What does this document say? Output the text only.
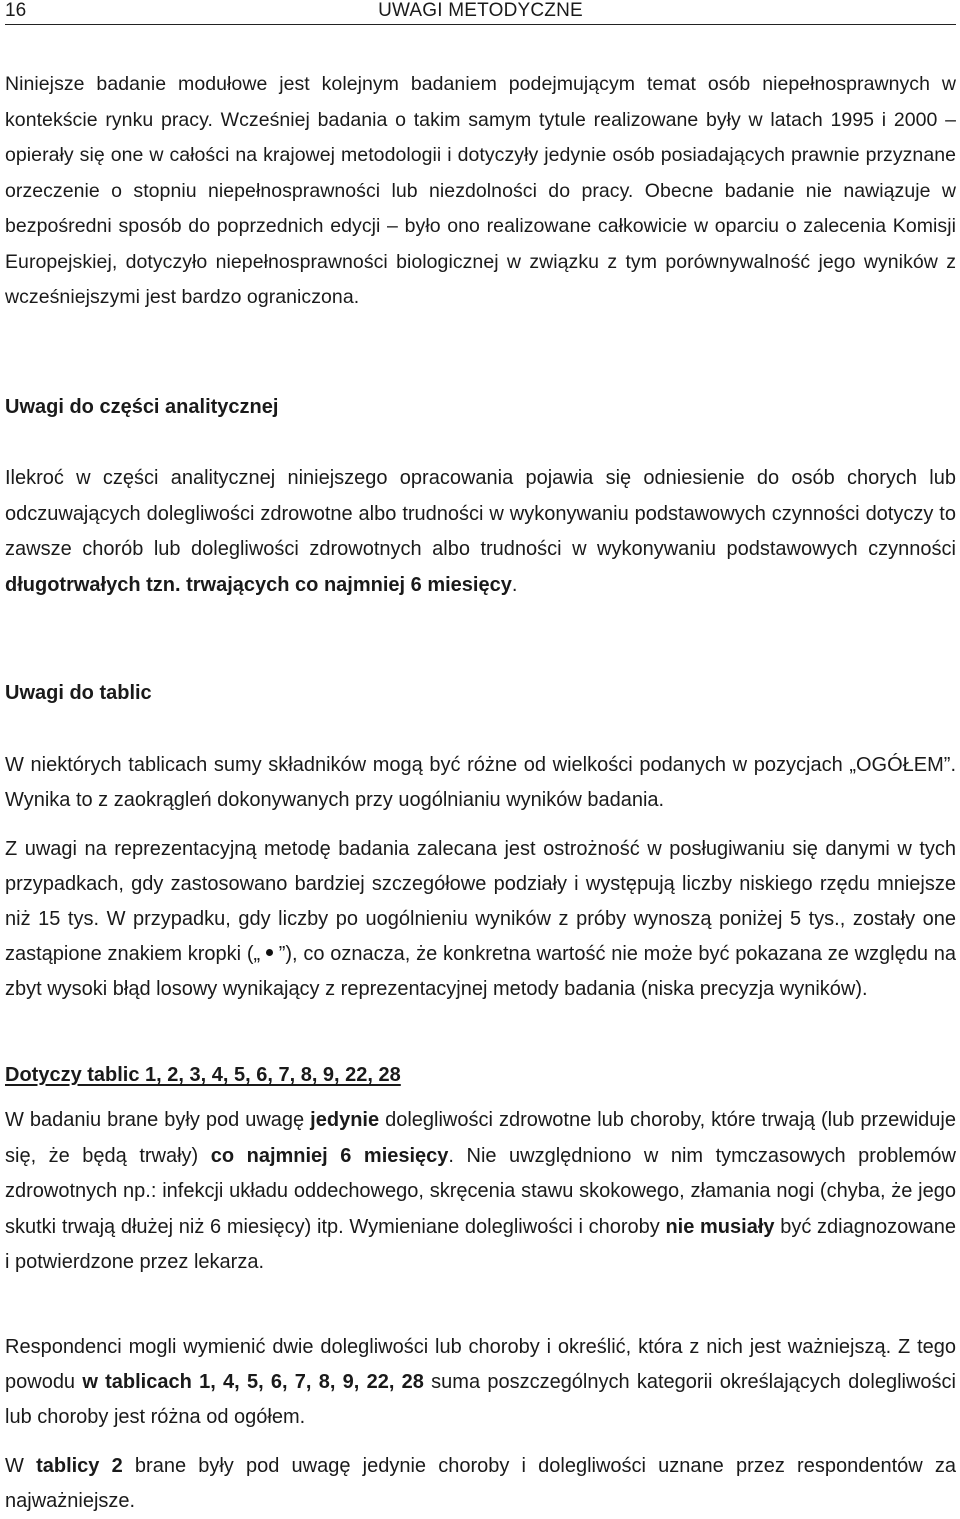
16	UWAGI METODYCZNE

Niniejsze badanie modułowe jest kolejnym badaniem podejmującym temat osób niepełnosprawnych w kontekście rynku pracy. Wcześniej badania o takim samym tytule realizowane były w latach 1995 i 2000 – opierały się one w całości na krajowej metodologii i dotyczyły jedynie osób posiadających prawnie przyznane orzeczenie o stopniu niepełnosprawności lub niezdolności do pracy. Obecne badanie nie nawiązuje w bezpośredni sposób do poprzednich edycji – było ono realizowane całkowicie w oparciu o zalecenia Komisji Europejskiej, dotyczyło niepełnosprawności biologicznej w związku z tym porównywalność jego wyników z wcześniejszymi jest bardzo ograniczona.

Uwagi do części analitycznej

Ilekroć w części analitycznej niniejszego opracowania pojawia się odniesienie do osób chorych lub odczuwających dolegliwości zdrowotne albo trudności w wykonywaniu podstawowych czynności dotyczy to zawsze chorób lub dolegliwości zdrowotnych albo trudności w wykonywaniu podstawowych czynności długotrwałych tzn. trwających co najmniej 6 miesięcy.

Uwagi do tablic

W niektórych tablicach sumy składników mogą być różne od wielkości podanych w pozycjach „OGÓŁEM”. Wynika to z zaokrągleń dokonywanych przy uogólnianiu wyników badania.

Z uwagi na reprezentacyjną metodę badania zalecana jest ostrożność w posługiwaniu się danymi w tych przypadkach, gdy zastosowano bardziej szczegółowe podziały i występują liczby niskiego rzędu mniejsze niż 15 tys. W przypadku, gdy liczby po uogólnieniu wyników z próby wynoszą poniżej 5 tys., zostały one zastąpione znakiem kropki („ ”), co oznacza, że konkretna wartość nie może być pokazana ze względu na zbyt wysoki błąd losowy wynikający z reprezentacyjnej metody badania (niska precyzja wyników).

Dotyczy tablic 1, 2, 3, 4, 5, 6, 7, 8, 9, 22, 28

W badaniu brane były pod uwagę jedynie dolegliwości zdrowotne lub choroby, które trwają (lub przewiduje się, że będą trwały) co najmniej 6 miesięcy. Nie uwzględniono w nim tymczasowych problemów zdrowotnych np.: infekcji układu oddechowego, skręcenia stawu skokowego, złamania nogi (chyba, że jego skutki trwają dłużej niż 6 miesięcy) itp. Wymieniane dolegliwości i choroby nie musiały być zdiagnozowane i potwierdzone przez lekarza.

Respondenci mogli wymienić dwie dolegliwości lub choroby i określić, która z nich jest ważniejszą. Z tego powodu w tablicach 1, 4, 5, 6, 7, 8, 9, 22, 28 suma poszczególnych kategorii określających dolegliwości lub choroby jest różna od ogółem.

W tablicy 2 brane były pod uwagę jedynie choroby i dolegliwości uznane przez respondentów za najważniejsze.
